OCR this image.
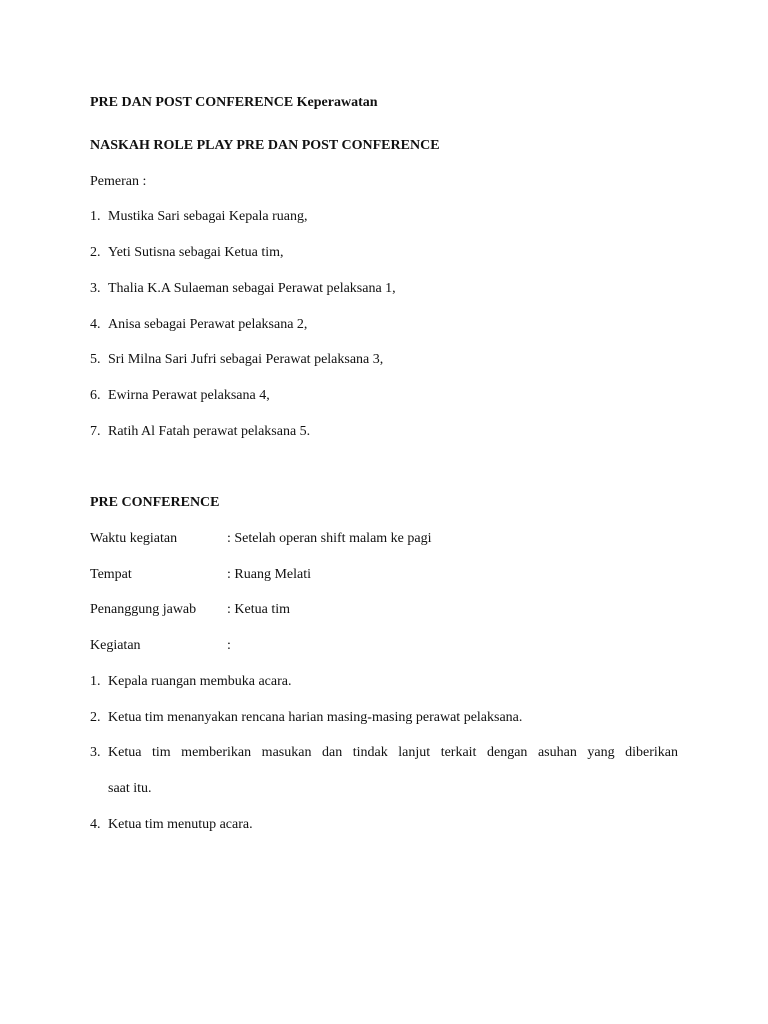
PRE DAN POST CONFERENCE Keperawatan
NASKAH ROLE PLAY PRE DAN POST CONFERENCE
Pemeran :
1. Mustika Sari sebagai Kepala ruang,
2. Yeti Sutisna sebagai Ketua tim,
3. Thalia K.A Sulaeman sebagai Perawat pelaksana 1,
4. Anisa sebagai Perawat pelaksana 2,
5. Sri Milna Sari Jufri sebagai Perawat pelaksana 3,
6. Ewirna Perawat pelaksana 4,
7. Ratih Al Fatah perawat pelaksana 5.
PRE CONFERENCE
Waktu kegiatan	: Setelah operan shift malam ke pagi
Tempat	: Ruang Melati
Penanggung jawab : Ketua tim
Kegiatan	:
1. Kepala ruangan membuka acara.
2. Ketua tim menanyakan rencana harian masing-masing perawat pelaksana.
3. Ketua tim memberikan masukan dan tindak lanjut terkait dengan asuhan yang diberikan
saat itu.
4. Ketua tim menutup acara.
